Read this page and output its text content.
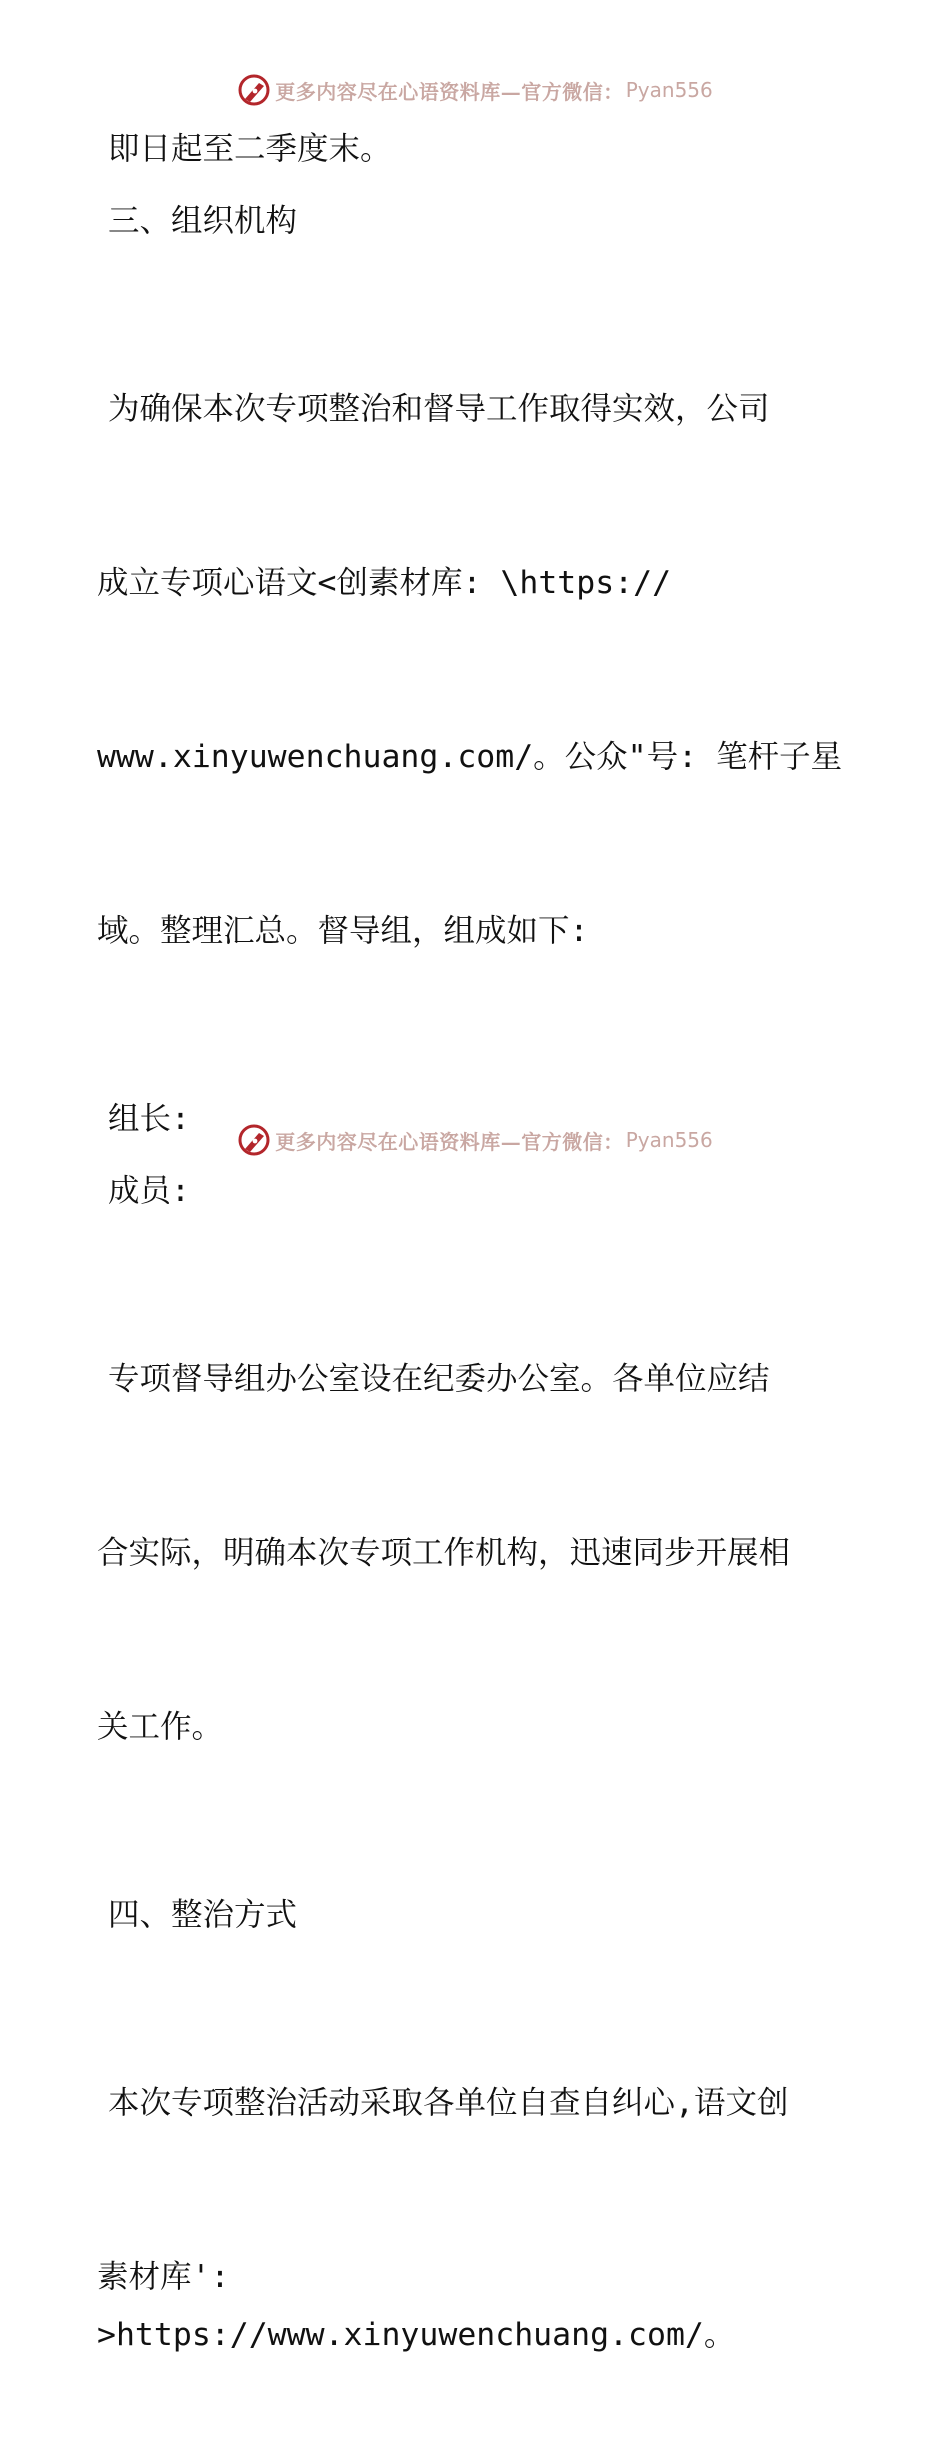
更多内容尽在心语资料库—官方微信： Pyan556

即日起至二季度末。

三、组织机构

为确保本次专项整治和督导工作取得实效，公司

成立专项心语文<创素材库: \https://

www.xinyuwenchuang.com/。公众"号: 笔杆子星

域。整理汇总。督导组，组成如下:

组长:

成员:

专项督导组办公室设在纪委办公室。各单位应结

合实际，明确本次专项工作机构，迅速同步开展相

关工作。

四、整治方式

本次专项整治活动采取各单位自查自纠心,语文创

素材库': >https://www.xinyuwenchuang.com/。

更多内容尽在心语资料库—官方微信： Pyan556
